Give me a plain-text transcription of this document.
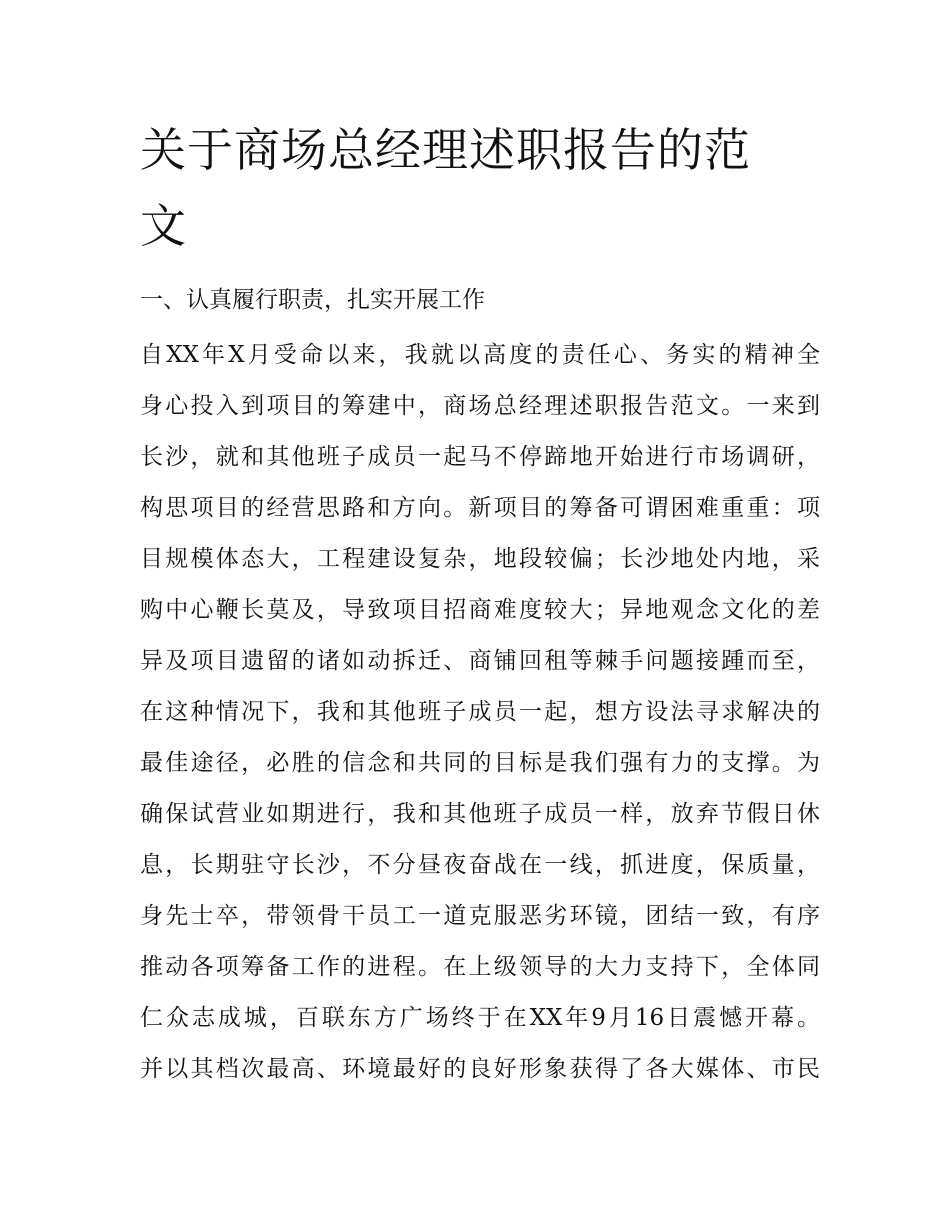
关于商场总经理述职报告的范
文
一、认真履行职责，扎实开展工作
自XX年X月受命以来，我就以高度的责任心、务实的精神全
身心投入到项目的筹建中，商场总经理述职报告范文。一来到
长沙，就和其他班子成员一起马不停蹄地开始进行市场调研，
构思项目的经营思路和方向。新项目的筹备可谓困难重重：项
目规模体态大，工程建设复杂，地段较偏；长沙地处内地，采
购中心鞭长莫及，导致项目招商难度较大；异地观念文化的差
异及项目遗留的诸如动拆迁、商铺回租等棘手问题接踵而至，
在这种情况下，我和其他班子成员一起，想方设法寻求解决的
最佳途径，必胜的信念和共同的目标是我们强有力的支撑。为
确保试营业如期进行，我和其他班子成员一样，放弃节假日休
息，长期驻守长沙，不分昼夜奋战在一线，抓进度，保质量，
身先士卒，带领骨干员工一道克服恶劣环镜，团结一致，有序
推动各项筹备工作的进程。在上级领导的大力支持下，全体同
仁众志成城，百联东方广场终于在XX年9月16日震憾开幕。
并以其档次最高、环境最好的良好形象获得了各大媒体、市民
